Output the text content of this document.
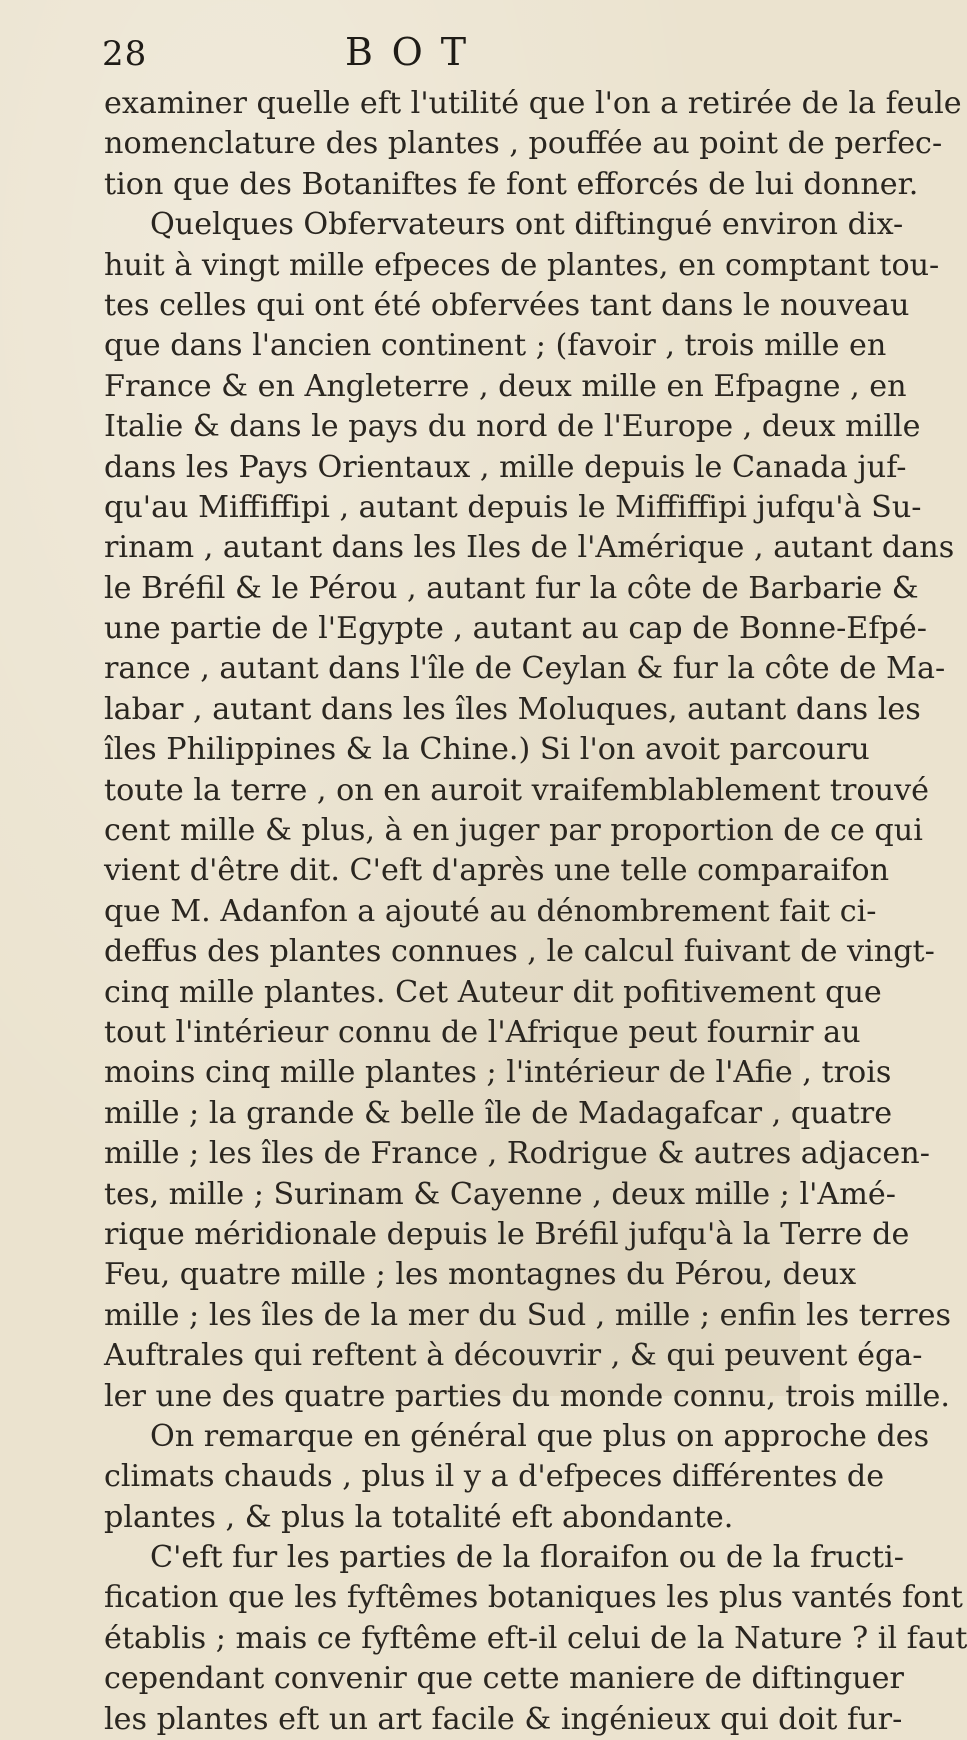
28	BOT
examiner quelle eft l'utilité que l'on a retirée de la feule
nomenclature des plantes , pouffée au point de perfec-
tion que des Botaniftes fe font efforcés de lui donner.
Quelques Obfervateurs ont diftingué environ dix-
huit à vingt mille efpeces de plantes, en comptant tou-
tes celles qui ont été obfervées tant dans le nouveau
que dans l'ancien continent ; (favoir , trois mille en
France & en Angleterre , deux mille en Efpagne , en
Italie & dans le pays du nord de l'Europe , deux mille
dans les Pays Orientaux , mille depuis le Canada juf-
qu'au Miffiffipi , autant depuis le Miffiffipi jufqu'à Su-
rinam , autant dans les Iles de l'Amérique , autant dans
le Bréfil & le Pérou , autant fur la côte de Barbarie &
une partie de l'Egypte , autant au cap de Bonne-Efpé-
rance , autant dans l'île de Ceylan & fur la côte de Ma-
labar , autant dans les îles Moluques, autant dans les
îles Philippines & la Chine.) Si l'on avoit parcouru
toute la terre , on en auroit vraifemblablement trouvé
cent mille & plus, à en juger par proportion de ce qui
vient d'être dit. C'eft d'après une telle comparaifon
que M. Adanfon a ajouté au dénombrement fait ci-
deffus des plantes connues , le calcul fuivant de vingt-
cinq mille plantes. Cet Auteur dit pofitivement que
tout l'intérieur connu de l'Afrique peut fournir au
moins cinq mille plantes ; l'intérieur de l'Afie , trois
mille ; la grande & belle île de Madagafcar , quatre
mille ; les îles de France , Rodrigue & autres adjacen-
tes, mille ; Surinam & Cayenne , deux mille ; l'Amé-
rique méridionale depuis le Bréfil jufqu'à la Terre de
Feu, quatre mille ; les montagnes du Pérou, deux
mille ; les îles de la mer du Sud , mille ; enfin les terres
Auftrales qui reftent à découvrir , & qui peuvent éga-
ler une des quatre parties du monde connu, trois mille.
On remarque en général que plus on approche des
climats chauds , plus il y a d'efpeces différentes de
plantes , & plus la totalité eft abondante.
C'eft fur les parties de la floraifon ou de la fructi-
fication que les fyftêmes botaniques les plus vantés font
établis ; mais ce fyftême eft-il celui de la Nature ? il faut
cependant convenir que cette maniere de diftinguer
les plantes eft un art facile & ingénieux qui doit fur-
